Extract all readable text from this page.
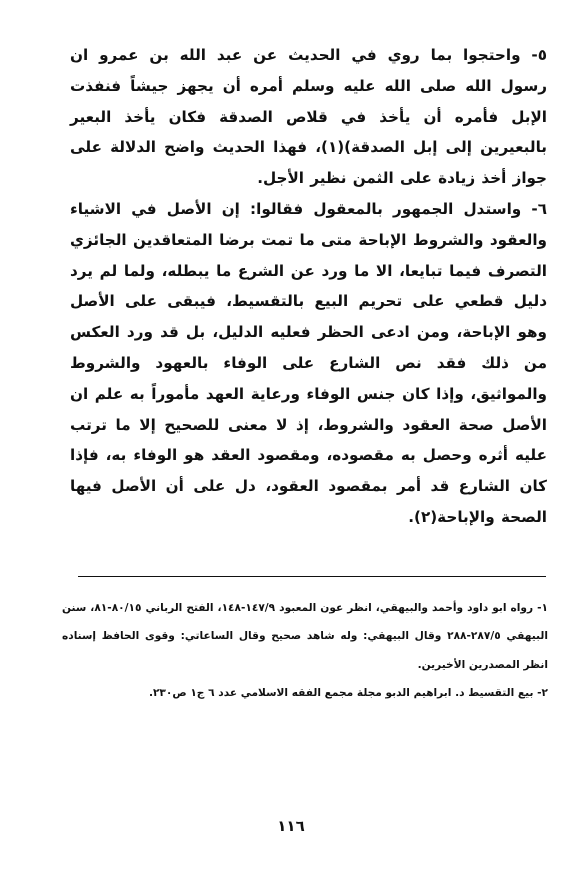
٥- واحتجوا بما روي في الحديث عن عبد الله بن عمرو ان رسول الله صلى الله عليه وسلم أمره أن يجهز جيشاً فنفذت الإبل فأمره أن يأخذ في قلاص الصدقة فكان يأخذ البعير بالبعيرين إلى إبل الصدقة)(١)، فهذا الحديث واضح الدلالة على جواز أخذ زيادة على الثمن نظير الأجل.

٦- واستدل الجمهور بالمعقول فقالوا: إن الأصل في الاشياء والعقود والشروط الإباحة متى ما تمت برضا المتعاقدين الجائزي التصرف فيما تبايعا، الا ما ورد عن الشرع ما يبطله، ولما لم يرد دليل قطعي على تحريم البيع بالتقسيط، فيبقى على الأصل وهو الإباحة، ومن ادعى الحظر فعليه الدليل، بل قد ورد العكس من ذلك فقد نص الشارع على الوفاء بالعهود والشروط والمواثيق، وإذا كان جنس الوفاء ورعاية العهد مأموراً به علم ان الأصل صحة العقود والشروط، إذ لا معنى للصحيح إلا ما ترتب عليه أثره وحصل به مقصوده، ومقصود العقد هو الوفاء به، فإذا كان الشارع قد أمر بمقصود العقود، دل على أن الأصل فيها الصحة والإباحة(٢).

١- رواه ابو داود وأحمد والبيهقي، انظر عون المعبود ١٤٧/٩-١٤٨، الفتح الرباني ٨٠/١٥-٨١، سنن البيهقي ٢٨٧/٥-٢٨٨ وقال البيهقي: وله شاهد صحيح وقال الساعاتي: وقوى الحافظ إسناده انظر المصدرين الأخيرين.

٢- بيع التقسيط د. ابراهيم الدبو مجلة مجمع الفقه الاسلامي عدد ٦ ج١ ص٢٣٠.

١١٦
